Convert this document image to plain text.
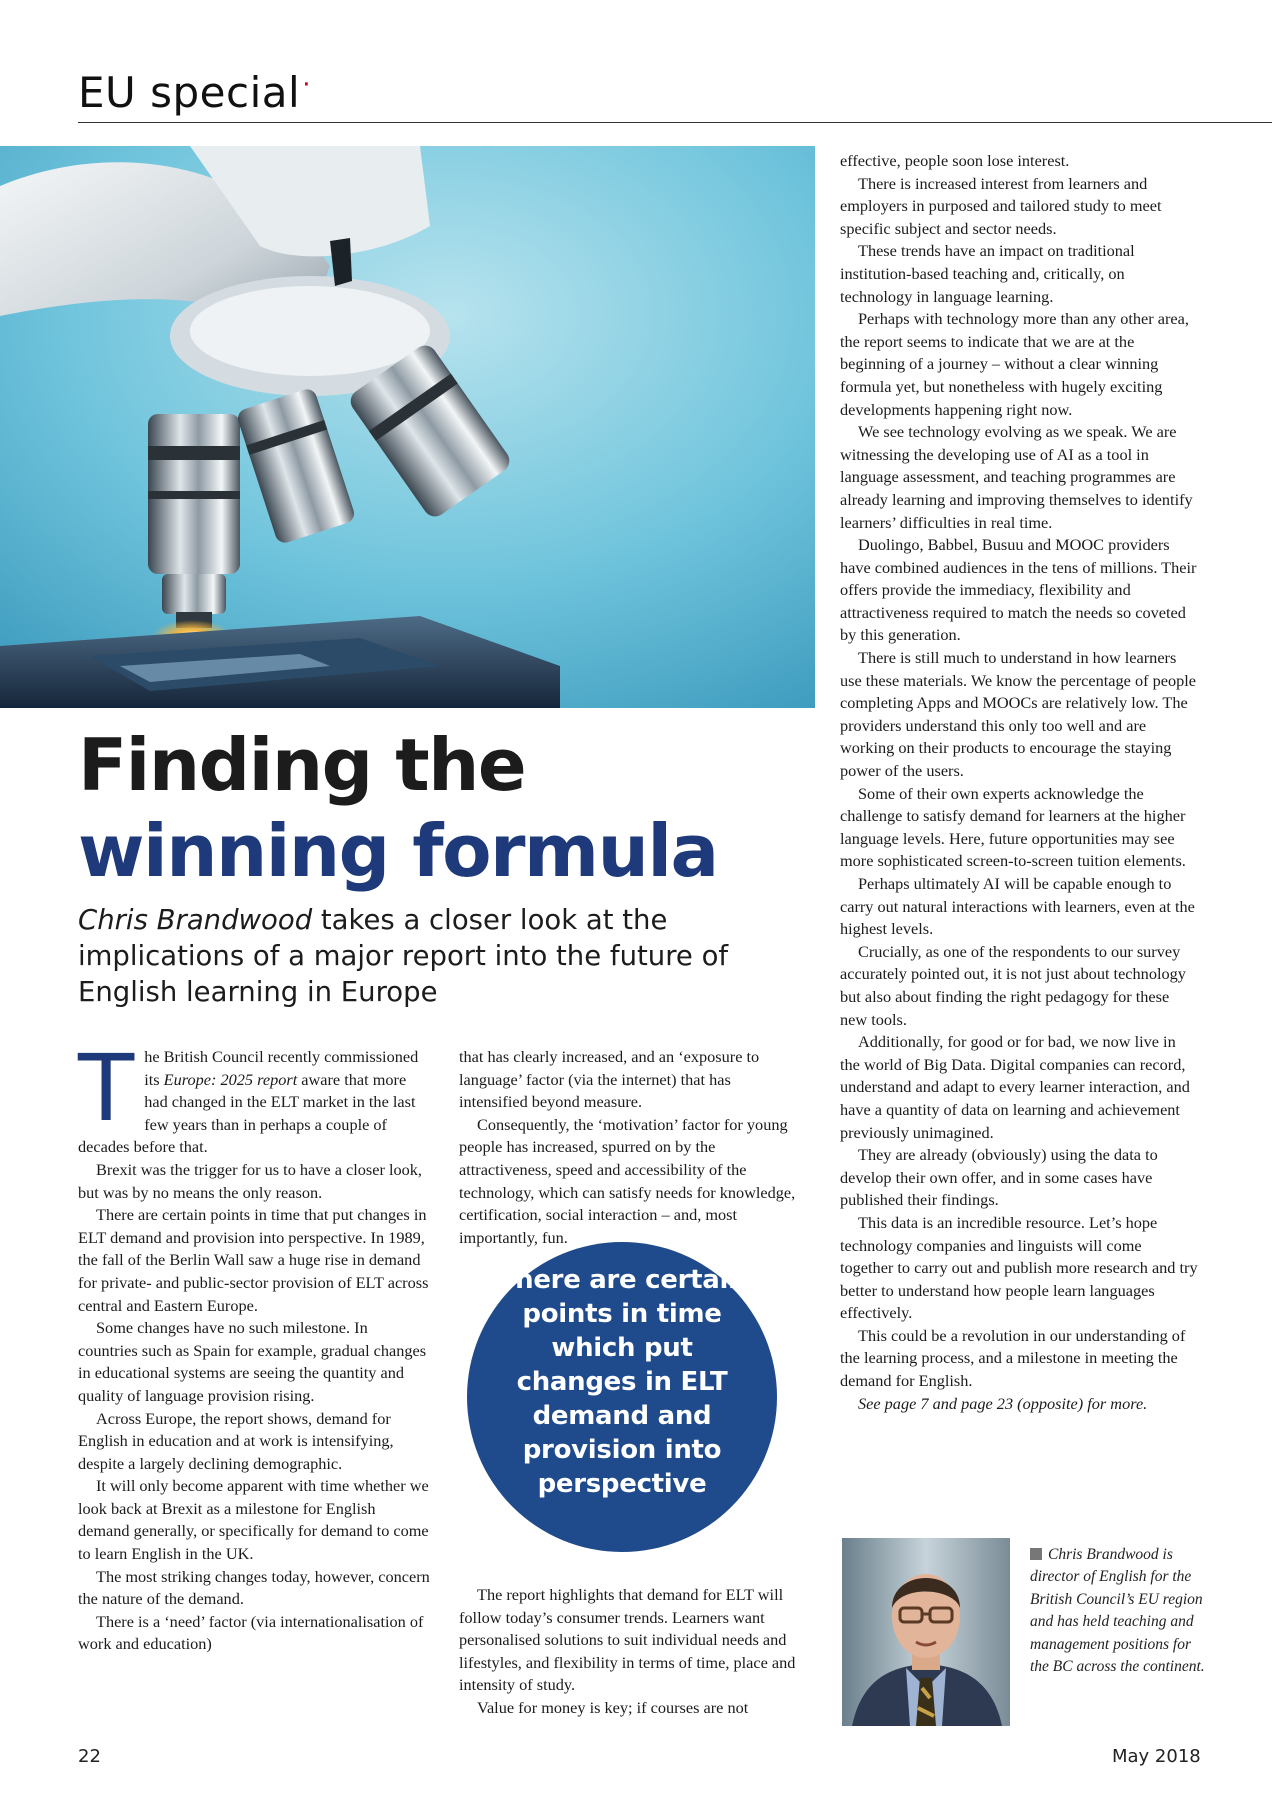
EU special·
Finding the
winning formula
Chris Brandwood takes a closer look at the implications of a major report into the future of English learning in Europe

The British Council recently commissioned its Europe: 2025 report aware that more had changed in the ELT market in the last few years than in perhaps a couple of decades before that.

Brexit was the trigger for us to have a closer look, but was by no means the only reason.

There are certain points in time that put changes in ELT demand and provision into perspective. In 1989, the fall of the Berlin Wall saw a huge rise in demand for private- and public-sector provision of ELT across central and Eastern Europe.

Some changes have no such milestone. In countries such as Spain for example, gradual changes in educational systems are seeing the quantity and quality of language provision rising.

Across Europe, the report shows, demand for English in education and at work is intensifying, despite a largely declining demographic.

It will only become apparent with time whether we look back at Brexit as a milestone for English demand generally, or specifically for demand to come to learn English in the UK.

The most striking changes today, however, concern the nature of the demand.

There is a ‘need’ factor (via internationalisation of work and education)

that has clearly increased, and an ‘exposure to language’ factor (via the internet) that has intensified beyond measure.

Consequently, the ‘motivation’ factor for young people has increased, spurred on by the attractiveness, speed and accessibility of the technology, which can satisfy needs for knowledge, certification, social interaction – and, most importantly, fun.

There are certain points in time which put changes in ELT demand and provision into perspective

The report highlights that demand for ELT will follow today’s consumer trends. Learners want personalised solutions to suit individual needs and lifestyles, and flexibility in terms of time, place and intensity of study.

Value for money is key; if courses are not

effective, people soon lose interest.

There is increased interest from learners and employers in purposed and tailored study to meet specific subject and sector needs.

These trends have an impact on traditional institution-based teaching and, critically, on technology in language learning.

Perhaps with technology more than any other area, the report seems to indicate that we are at the beginning of a journey – without a clear winning formula yet, but nonetheless with hugely exciting developments happening right now.

We see technology evolving as we speak. We are witnessing the developing use of AI as a tool in language assessment, and teaching programmes are already learning and improving themselves to identify learners’ difficulties in real time.

Duolingo, Babbel, Busuu and MOOC providers have combined audiences in the tens of millions. Their offers provide the immediacy, flexibility and attractiveness required to match the needs so coveted by this generation.

There is still much to understand in how learners use these materials. We know the percentage of people completing Apps and MOOCs are relatively low. The providers understand this only too well and are working on their products to encourage the staying power of the users.

Some of their own experts acknowledge the challenge to satisfy demand for learners at the higher language levels. Here, future opportunities may see more sophisticated screen-to-screen tuition elements.

Perhaps ultimately AI will be capable enough to carry out natural interactions with learners, even at the highest levels.

Crucially, as one of the respondents to our survey accurately pointed out, it is not just about technology but also about finding the right pedagogy for these new tools.

Additionally, for good or for bad, we now live in the world of Big Data. Digital companies can record, understand and adapt to every learner interaction, and have a quantity of data on learning and achievement previously unimagined.

They are already (obviously) using the data to develop their own offer, and in some cases have published their findings.

This data is an incredible resource. Let’s hope technology companies and linguists will come together to carry out and publish more research and try better to understand how people learn languages effectively.

This could be a revolution in our understanding of the learning process, and a milestone in meeting the demand for English.

See page 7 and page 23 (opposite) for more.

Chris Brandwood is director of English for the British Council’s EU region and has held teaching and management positions for the BC across the continent.
22	May 2018
